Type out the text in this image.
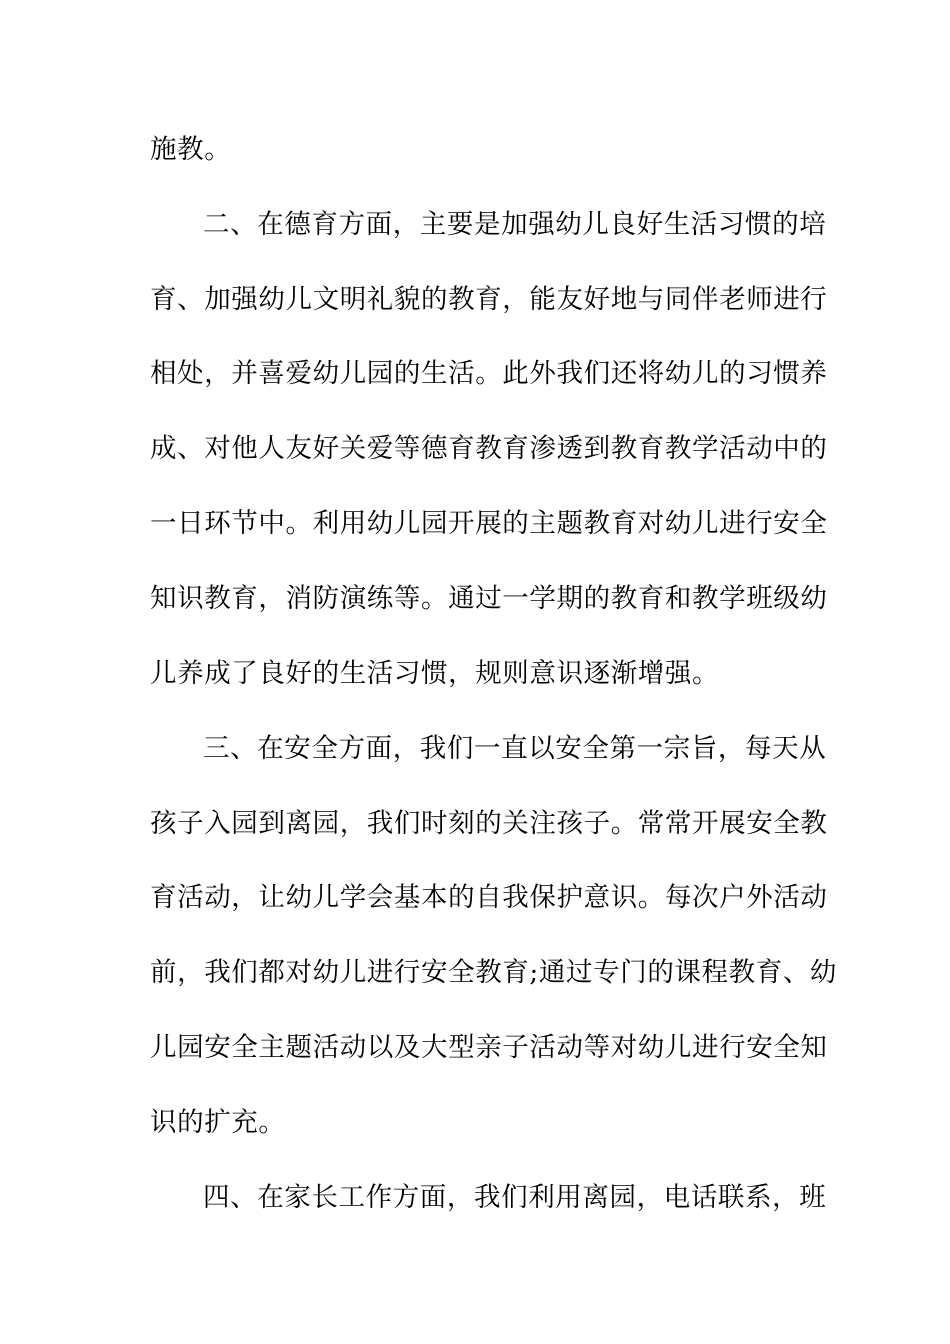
施教。
二、在德育方面，主要是加强幼儿良好生活习惯的培
育、加强幼儿文明礼貌的教育，能友好地与同伴老师进行
相处，并喜爱幼儿园的生活。此外我们还将幼儿的习惯养
成、对他人友好关爱等德育教育渗透到教育教学活动中的
一日环节中。利用幼儿园开展的主题教育对幼儿进行安全
知识教育，消防演练等。通过一学期的教育和教学班级幼
儿养成了良好的生活习惯，规则意识逐渐增强。
三、在安全方面，我们一直以安全第一宗旨，每天从
孩子入园到离园，我们时刻的关注孩子。常常开展安全教
育活动，让幼儿学会基本的自我保护意识。每次户外活动
前，我们都对幼儿进行安全教育;通过专门的课程教育、幼
儿园安全主题活动以及大型亲子活动等对幼儿进行安全知
识的扩充。
四、在家长工作方面，我们利用离园，电话联系，班
